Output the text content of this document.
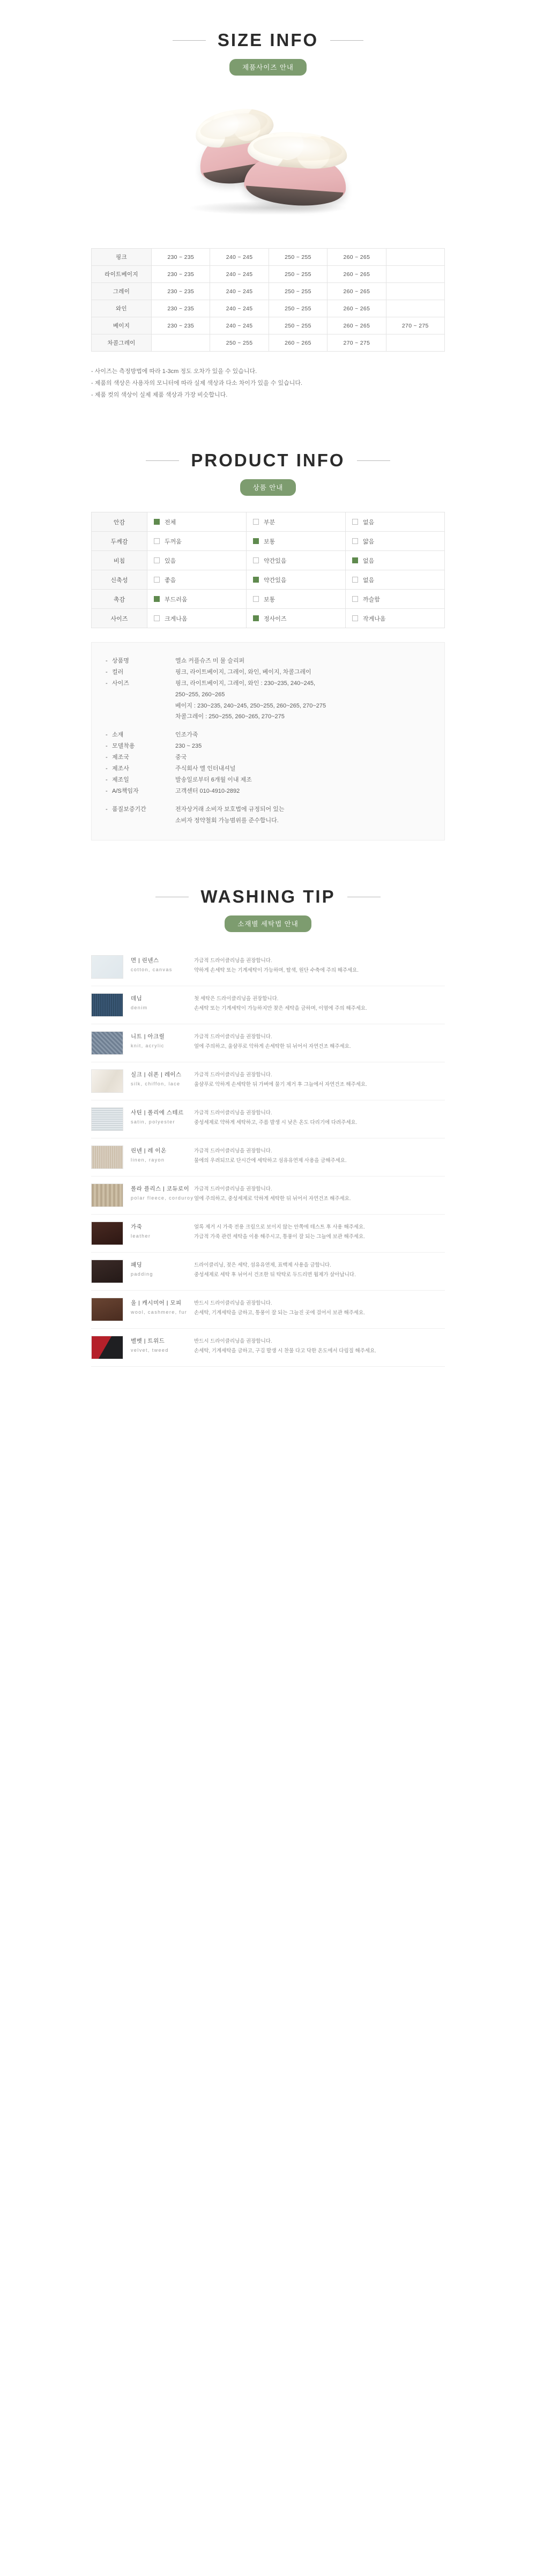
SIZE INFO
제품사이즈 안내
핑크	230 ~ 235	240 ~ 245	250 ~ 255	260 ~ 265	
라이트베이지	230 ~ 235	240 ~ 245	250 ~ 255	260 ~ 265	
그레이	230 ~ 235	240 ~ 245	250 ~ 255	260 ~ 265	
와인	230 ~ 235	240 ~ 245	250 ~ 255	260 ~ 265	
베이지	230 ~ 235	240 ~ 245	250 ~ 255	260 ~ 265	270 ~ 275
차콜그레이		250 ~ 255	260 ~ 265	270 ~ 275	
- 사이즈는 측정방법에 따라 1-3cm 정도 오차가 있을 수 있습니다.
- 제품의 색상은 사용자의 모니터에 따라 실제 색상과 다소 차이가 있을 수 있습니다.
- 제품 컷의 색상이 실제 제품 색상과 가장 비슷합니다.
PRODUCT INFO
상품 안내
안감	전체	부분	없음

두께감	두꺼움	보통	얇음

비침	있음	약간있음	없음

신축성	좋음	약간있음	없음

촉감	부드러움	보통	까슬함

사이즈	크게나옴	정사이즈	작게나옴
- 상품명	엘쇼 커플슈즈 미 뮬 슬리퍼
- 컬러	핑크, 라이트베이지, 그레이, 와인, 베이지, 차콜그레이
- 사이즈	핑크, 라이트베이지, 그레이, 와인 : 230~235, 240~245,
250~255, 260~265
베이지 : 230~235, 240~245, 250~255, 260~265, 270~275
차콜그레이 : 250~255, 260~265, 270~275
- 소재	인조가죽
- 모델착용	230 ~ 235
- 제조국	중국
- 제조사	주식회사 엘 인터내셔널
- 제조일	발송일로부터 6개월 이내 제조
- A/S책임자	고객센터 010-4910-2892
- 품질보증기간	전자상거래 소비자 보호법에 규정되어 있는
소비자 정약철회 가능범위를 준수합니다.
WASHING TIP
소재별 세탁법 안내
면 | 린넨스
cotton, canvas
가급적 드라이클리닝을 권장합니다.
약하게 손세탁 또는 기계세탁이 가능하며, 탈색, 원단 수축에 주의 해주세요.
데님
denim
첫 세탁은 드라이클리닝을 권장합니다.
손세탁 또는 기계세탁이 가능하지만 찾은 세탁을 금하며, 이염에 주의 해주세요.
니트 | 아크릴
knit, acrylic
가급적 드라이클리닝을 권장합니다.
얼에 주의하고, 울샴푸로 악하게 손세탁한 뒤 뉘어서 자연건조 해주세요.
실크 | 쉬폰 | 레이스
silk, chiffon, lace
가급적 드라이클리닝을 권장합니다.
울샴푸로 악하게 손세탁한 뒤 가벼에 물기 제거 후 그늘에서 자연건조 해주세요.
사틴 | 폴리에 스테르
satin, polyester
가급적 드라이클리닝을 권장합니다.
중성세제로 약하게 세탁하고, 주름 발생 시 낮은 온도 다리기에 다려주세요.
린넨 | 레 이온
linen, rayon
가급적 드라이클리닝을 권장합니다.
물에의 우려되므로 단시간에 세탁하고 섬유유연제 사용을 금해주세요.
폴라 플리스 | 코듀로이
polar fleece, corduroy
가급적 드라이클리닝을 권장합니다.
얼에 주의하고, 중성세제로 악하게 세탁한 뒤 뉘어서 자연건조 해주세요.
가죽
leather
얼록 제거 시 가죽 전용 크림으로 보이지 않는 안쪽에 테스트 후 사용 해주세요.
가급적 가죽 관련 세탁을 이용 해주시고, 통풍이 잘 되는 그늘에 보관 해주세요.
패딩
padding
드라이클리닝, 젖은 세탁, 섬유유연제, 표백제 사용을 금합니다.
중성세제로 세탁 후 뉘어서 건조한 뒤 탁탁로 두드리면 웜제가 살아납니다.
울 | 캐시미어 | 모피
wool, cashmere, fur
반드시 드라이클리닝을 권장합니다.
손세탁, 기계세탁을 금하고, 통풍이 잘 되는 그늘진 곳에 걸어서 보관 해주세요.
벨벳 | 트위드
velvet, tweed
반드시 드라이클리닝을 권장합니다.
손세탁, 기계세탁을 금하고, 구김 발생 시 찬물 다고 닥한 온도에서 다림질 해주세요.
